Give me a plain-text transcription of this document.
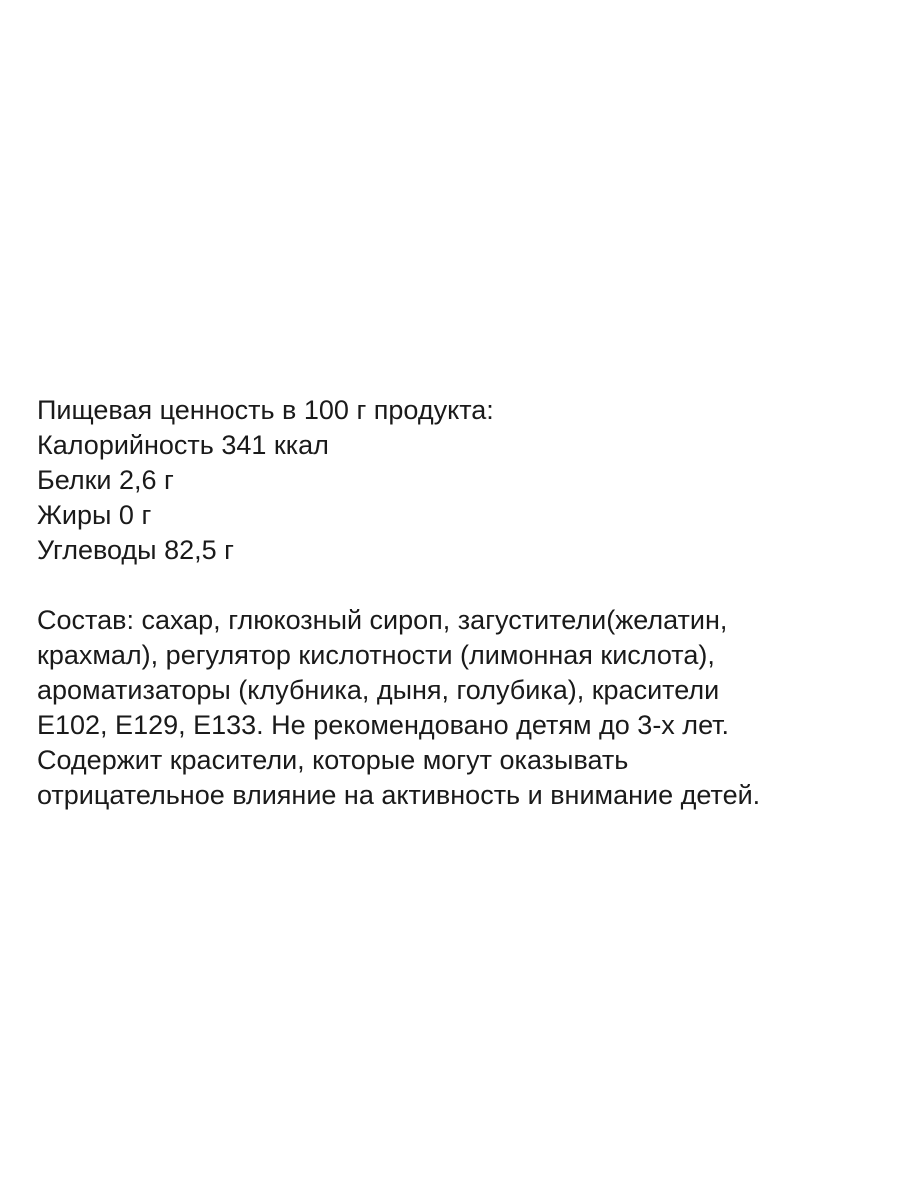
Пищевая ценность в 100 г продукта:
Калорийность 341 ккал
Белки 2,6 г
Жиры 0 г
Углеводы 82,5 г
Состав: сахар, глюкозный сироп, загустители(желатин,
крахмал), регулятор кислотности (лимонная кислота),
ароматизаторы (клубника, дыня, голубика), красители
Е102, Е129, Е133. Не рекомендовано детям до 3-х лет.
Содержит красители, которые могут оказывать
отрицательное влияние на активность и внимание детей.
